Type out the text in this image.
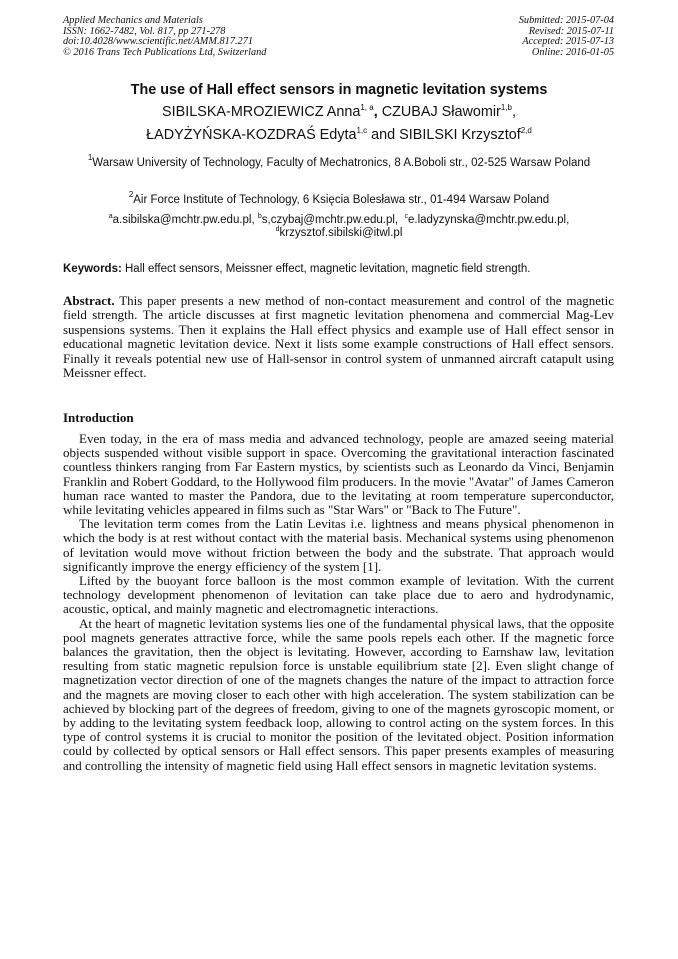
Applied Mechanics and Materials
ISSN: 1662-7482, Vol. 817, pp 271-278
doi:10.4028/www.scientific.net/AMM.817.271
© 2016 Trans Tech Publications Ltd, Switzerland
Submitted: 2015-07-04
Revised: 2015-07-11
Accepted: 2015-07-13
Online: 2016-01-05
The use of Hall effect sensors in magnetic levitation systems
SIBILSKA-MROZIEWICZ Anna$^{1, a}$, CZUBAJ Sławomir$^{1,b}$,
ŁADYŻYŃSKA-KOZDRAŚ Edyta$^{1,c}$ and SIBILSKI Krzysztof$^{2,d}$
$^1$Warsaw University of Technology, Faculty of Mechatronics, 8 A.Boboli str., 02-525 Warsaw Poland
$^2$Air Force Institute of Technology, 6 Księcia Bolesława str., 01-494 Warsaw Poland
$^a$a.sibilska@mchtr.pw.edu.pl, $^b$s,czybaj@mchtr.pw.edu.pl,  $^c$e.ladyzynska@mchtr.pw.edu.pl,
$^d$krzysztof.sibilski@itwl.pl
Keywords: Hall effect sensors, Meissner effect, magnetic levitation, magnetic field strength.
Abstract. This paper presents a new method of non-contact measurement and control of the magnetic field strength. The article discusses at first magnetic levitation phenomena and commercial Mag-Lev suspensions systems. Then it explains the Hall effect physics and example use of Hall effect sensor in educational magnetic levitation device. Next it lists some example constructions of Hall effect sensors. Finally it reveals potential new use of Hall-sensor in control system of unmanned aircraft catapult using Meissner effect.
Introduction

Even today, in the era of mass media and advanced technology, people are amazed seeing material objects suspended without visible support in space. Overcoming the gravitational interaction fascinated countless thinkers ranging from Far Eastern mystics, by scientists such as Leonardo da Vinci, Benjamin Franklin and Robert Goddard, to the Hollywood film producers. In the movie "Avatar" of James Cameron human race wanted to master the Pandora, due to the levitating at room temperature superconductor, while levitating vehicles appeared in films such as "Star Wars" or "Back to The Future".

The levitation term comes from the Latin Levitas i.e. lightness and means physical phenomenon in which the body is at rest without contact with the material basis. Mechanical systems using phenomenon of levitation would move without friction between the body and the substrate. That approach would significantly improve the energy efficiency of the system [1].

Lifted by the buoyant force balloon is the most common example of levitation. With the current technology development phenomenon of levitation can take place due to aero and hydrodynamic, acoustic, optical, and mainly magnetic and electromagnetic interactions.

At the heart of magnetic levitation systems lies one of the fundamental physical laws, that the opposite pool magnets generates attractive force, while the same pools repels each other. If the magnetic force balances the gravitation, then the object is levitating. However, according to Earnshaw law, levitation resulting from static magnetic repulsion force is unstable equilibrium state [2]. Even slight change of magnetization vector direction of one of the magnets changes the nature of the impact to attraction force and the magnets are moving closer to each other with high acceleration. The system stabilization can be achieved by blocking part of the degrees of freedom, giving to one of the magnets gyroscopic moment, or by adding to the levitating system feedback loop, allowing to control acting on the system forces. In this type of control systems it is crucial to monitor the position of the levitated object. Position information could by collected by optical sensors or Hall effect sensors. This paper presents examples of measuring and controlling the intensity of magnetic field using Hall effect sensors in magnetic levitation systems.
